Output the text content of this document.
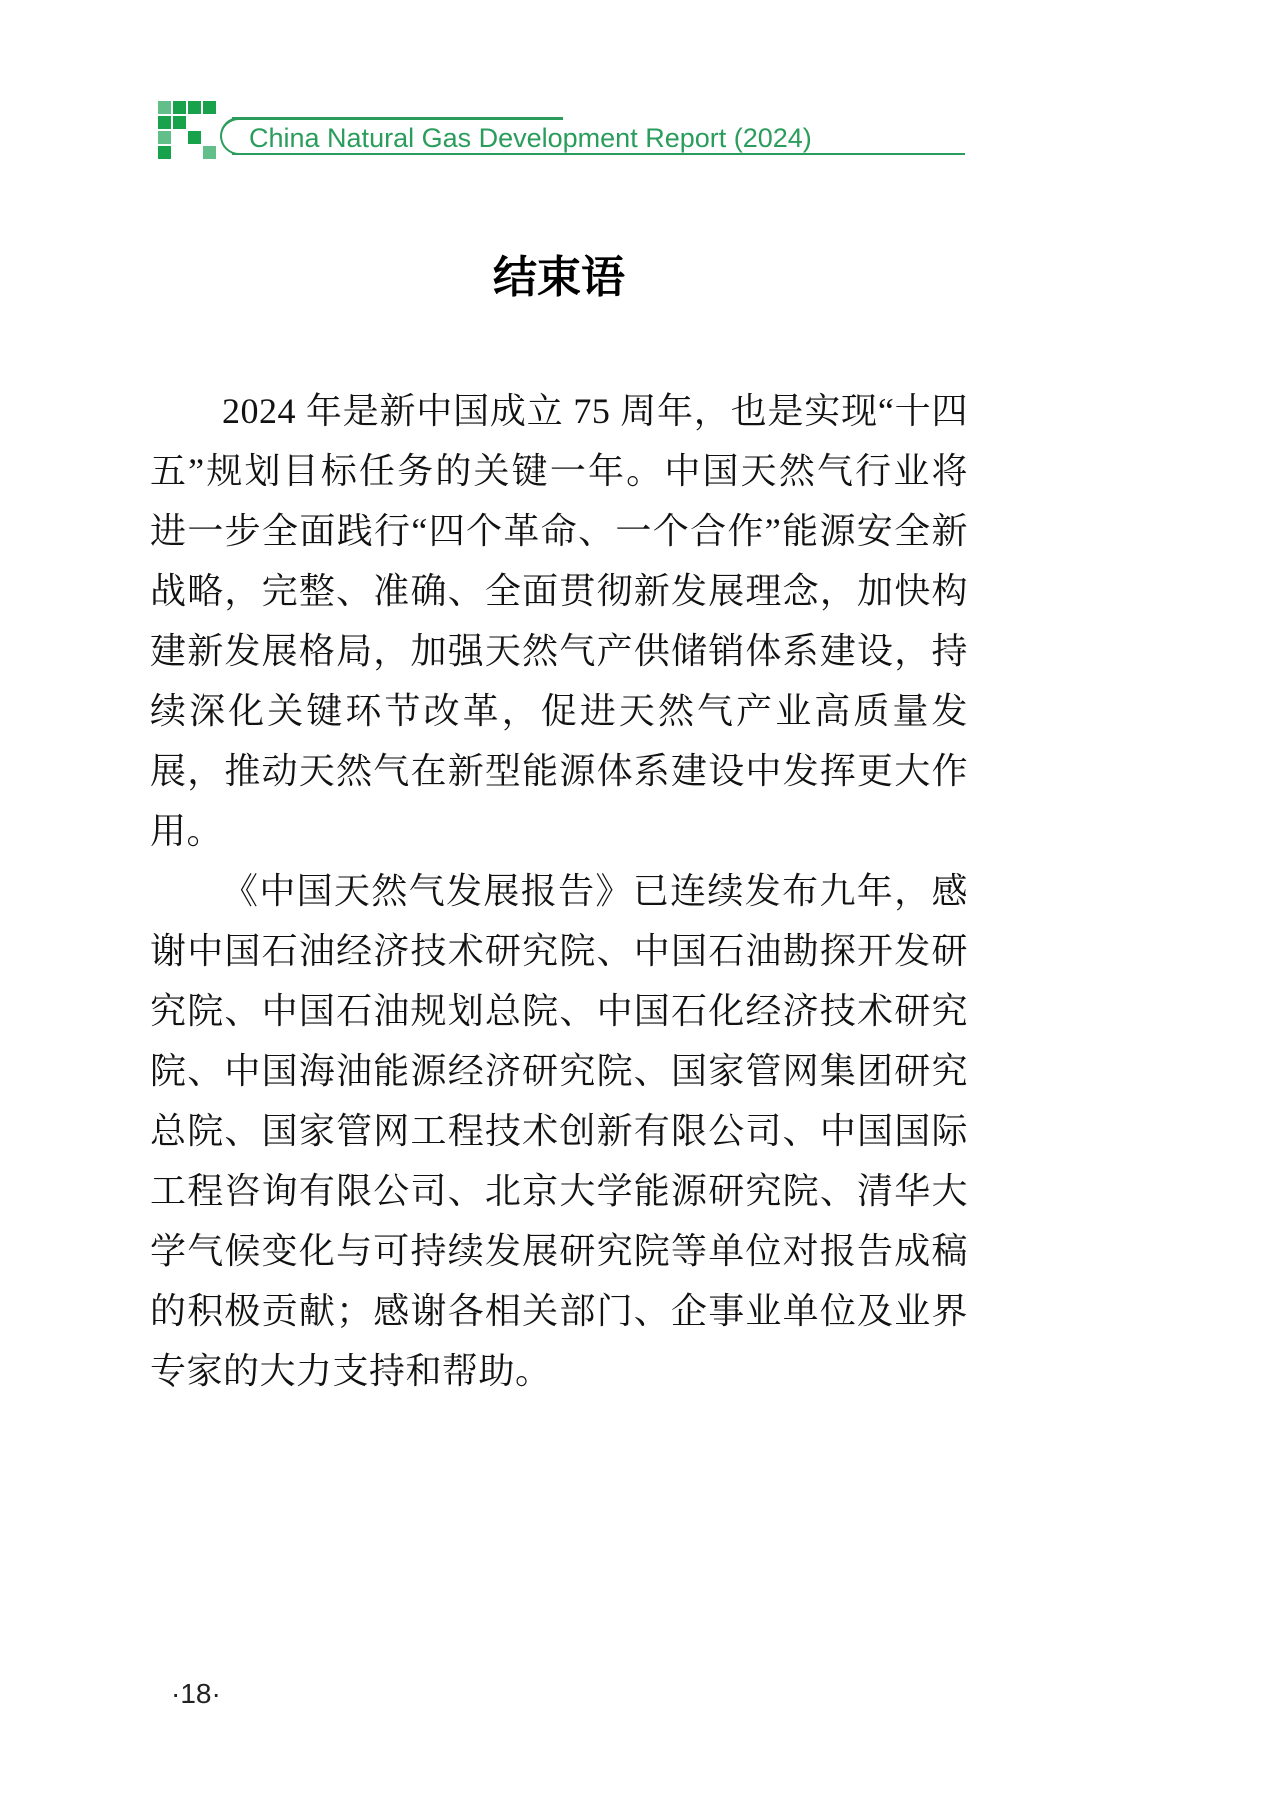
China Natural Gas Development Report (2024)
结束语

2024 年是新中国成立 75 周年，也是实现“十四五”规划目标任务的关键一年。中国天然气行业将进一步全面践行“四个革命、一个合作”能源安全新战略，完整、准确、全面贯彻新发展理念，加快构建新发展格局，加强天然气产供储销体系建设，持续深化关键环节改革，促进天然气产业高质量发展，推动天然气在新型能源体系建设中发挥更大作用。

《中国天然气发展报告》已连续发布九年，感谢中国石油经济技术研究院、中国石油勘探开发研究院、中国石油规划总院、中国石化经济技术研究院、中国海油能源经济研究院、国家管网集团研究总院、国家管网工程技术创新有限公司、中国国际工程咨询有限公司、北京大学能源研究院、清华大学气候变化与可持续发展研究院等单位对报告成稿的积极贡献；感谢各相关部门、企事业单位及业界专家的大力支持和帮助。

·18·
